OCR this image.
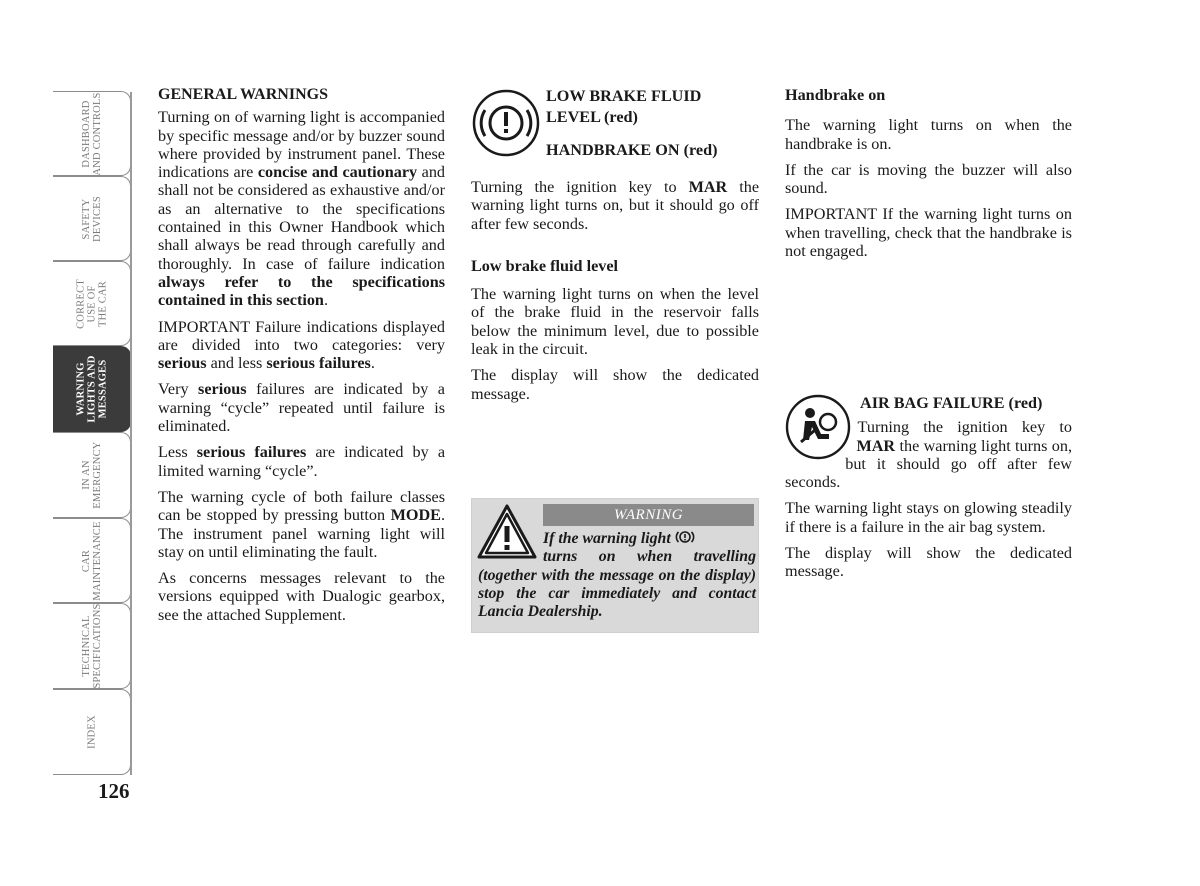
DASHBOARD
AND CONTROLS
SAFETY
DEVICES
CORRECT
USE OF
THE CAR
WARNING
LIGHTS AND
MESSAGES
IN AN
EMERGENCY
CAR
MAINTENANCE
TECHNICAL
SPECIFICATIONS
INDEX
126
GENERAL WARNINGS

Turning on of warning light is accompanied by specific message and/or by buzzer sound where provided by instrument panel. These indications are concise and cautionary and shall not be considered as exhaustive and/or as an alternative to the specifications contained in this Owner Handbook which shall always be read through carefully and thoroughly. In case of failure indication always refer to the specifications contained in this section.

IMPORTANT Failure indications displayed are divided into two categories: very serious and less serious failures.

Very serious failures are indicated by a warning “cycle” repeated until failure is eliminated.

Less serious failures are indicated by a limited warning “cycle”.

The warning cycle of both failure classes can be stopped by pressing button MODE. The instrument panel warning light will stay on until eliminating the fault.

As concerns messages relevant to the versions equipped with Dualogic gearbox, see the attached Supplement.

LOW BRAKE FLUID
LEVEL (red)
HANDBRAKE ON (red)

Turning the ignition key to MAR the warning light turns on, but it should go off after few seconds.

Low brake fluid level

The warning light turns on when the level of the brake fluid in the reservoir falls below the minimum level, due to possible leak in the circuit.

The display will show the dedicated message.

WARNING
If the warning light
turns on when travelling (together with the message on the display) stop the car immediately and contact Lancia Dealership.
Handbrake on

The warning light turns on when the handbrake is on.

If the car is moving the buzzer will also sound.

IMPORTANT If the warning light turns on when travelling, check that the handbrake is not engaged.

AIR BAG FAILURE (red)

Turning the ignition key to MAR the warning light turns on, but it should go off after few seconds.

The warning light stays on glowing steadily if there is a failure in the air bag system.

The display will show the dedicated message.
